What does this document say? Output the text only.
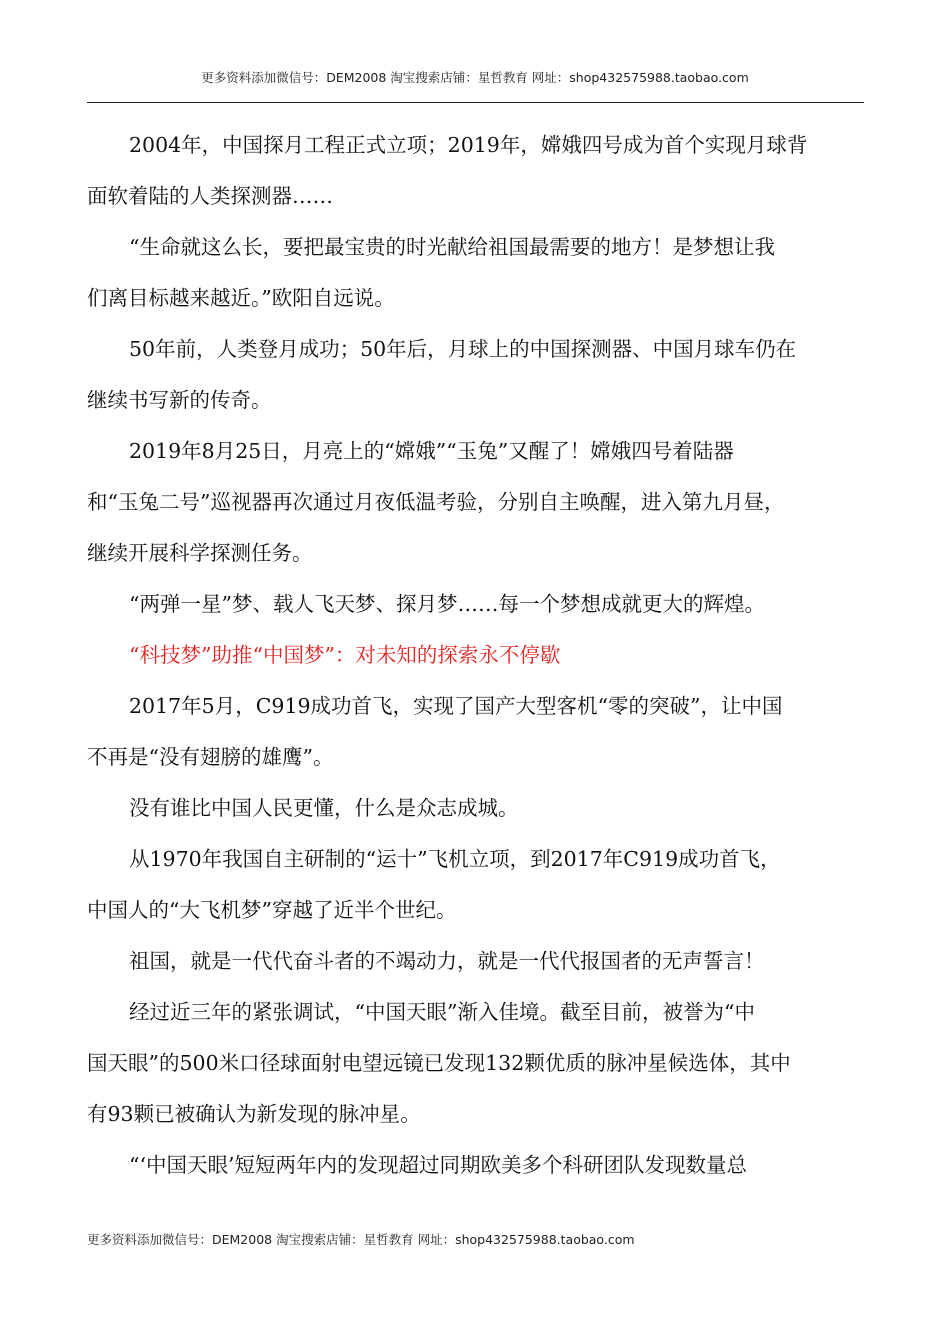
更多资料添加微信号：DEM2008 淘宝搜索店铺：星哲教育 网址：shop432575988.taobao.com
2004年，中国探月工程正式立项；2019年，嫦娥四号成为首个实现月球背
面软着陆的人类探测器……
“生命就这么长，要把最宝贵的时光献给祖国最需要的地方！是梦想让我
们离目标越来越近。”欧阳自远说。
50年前，人类登月成功；50年后，月球上的中国探测器、中国月球车仍在
继续书写新的传奇。
2019年8月25日，月亮上的“嫦娥”“玉兔”又醒了！嫦娥四号着陆器
和“玉兔二号”巡视器再次通过月夜低温考验，分别自主唤醒，进入第九月昼，
继续开展科学探测任务。
“两弹一星”梦、载人飞天梦、探月梦……每一个梦想成就更大的辉煌。
“科技梦”助推“中国梦”：对未知的探索永不停歇
2017年5月，C919成功首飞，实现了国产大型客机“零的突破”，让中国
不再是“没有翅膀的雄鹰”。
没有谁比中国人民更懂，什么是众志成城。
从1970年我国自主研制的“运十”飞机立项，到2017年C919成功首飞，
中国人的“大飞机梦”穿越了近半个世纪。
祖国，就是一代代奋斗者的不竭动力，就是一代代报国者的无声誓言！
经过近三年的紧张调试，“中国天眼”渐入佳境。截至目前，被誉为“中
国天眼”的500米口径球面射电望远镜已发现132颗优质的脉冲星候选体，其中
有93颗已被确认为新发现的脉冲星。
“‘中国天眼’短短两年内的发现超过同期欧美多个科研团队发现数量总
更多资料添加微信号：DEM2008 淘宝搜索店铺：星哲教育 网址：shop432575988.taobao.com
